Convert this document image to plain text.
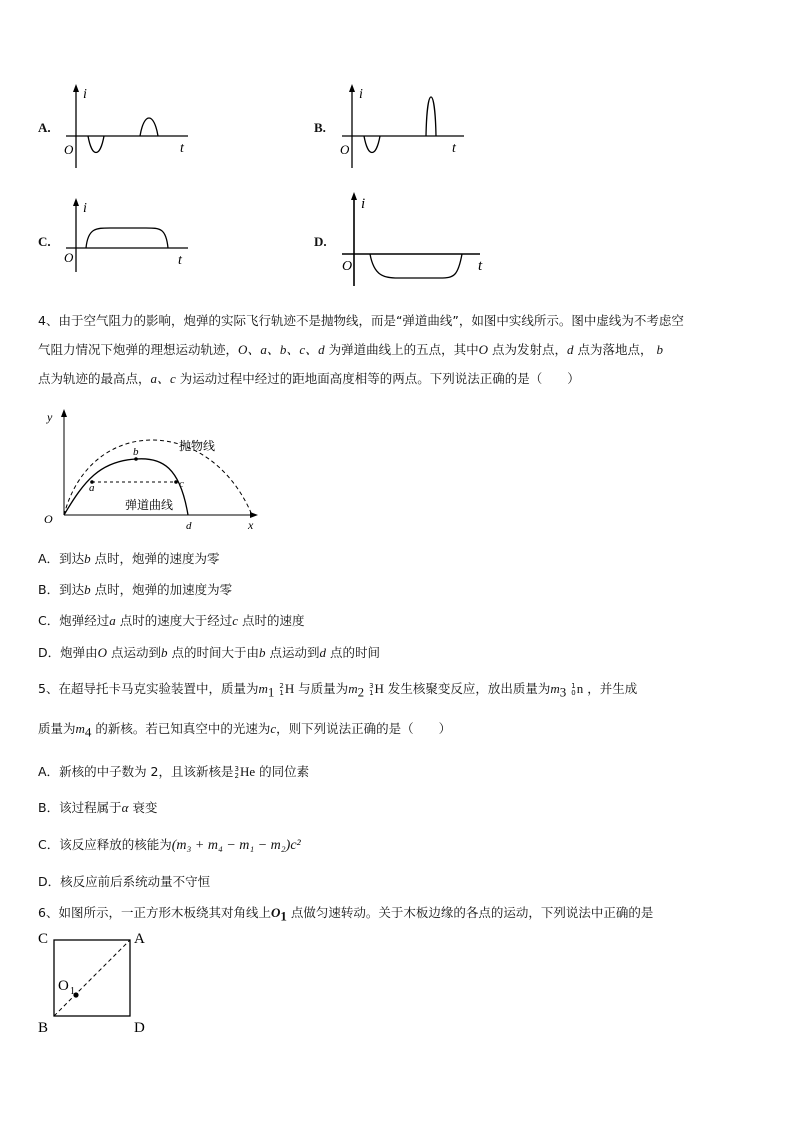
A.
i
t
O
B.
i
t
O
C.
i
t
O
D.
i
t
O
4、由于空气阻力的影响，炮弹的实际飞行轨迹不是抛物线，而是“弹道曲线”，如图中实线所示。图中虚线为不考虑空
气阻力情况下炮弹的理想运动轨迹，O、a、b、c、d 为弹道曲线上的五点，其中O 点为发射点，d 点为落地点， b
点为轨迹的最高点，a、c 为运动过程中经过的距地面高度相等的两点。下列说法正确的是（　　）
y
x
O
a
b
c
d
抛物线
弹道曲线
A．到达b 点时，炮弹的速度为零
B．到达b 点时，炮弹的加速度为零
C．炮弹经过a 点时的速度大于经过c 点时的速度
D．炮弹由O 点运动到b 点的时间大于由b 点运动到d 点的时间
5、在超导托卡马克实验装置中，质量为$m_1$ 2
1 H 与质量为$m_2$ 3
1 H 发生核聚变反应，放出质量为$m_3$ 1
0 n ，并生成
质量为$m_4$ 的新核。若已知真空中的光速为c，则下列说法正确的是（　　）
A．新核的中子数为 2，且该新核是 3
2 He 的同位素
B．该过程属于α 衰变
C．该反应释放的核能为(m₃ + m₄ − m₁ − m₂)c²
D．核反应前后系统动量不守恒
6、如图所示，一正方形木板绕其对角线上$O_1$ 点做匀速转动。关于木板边缘的各点的运动，下列说法中正确的是
C	A
B	D
O 1
